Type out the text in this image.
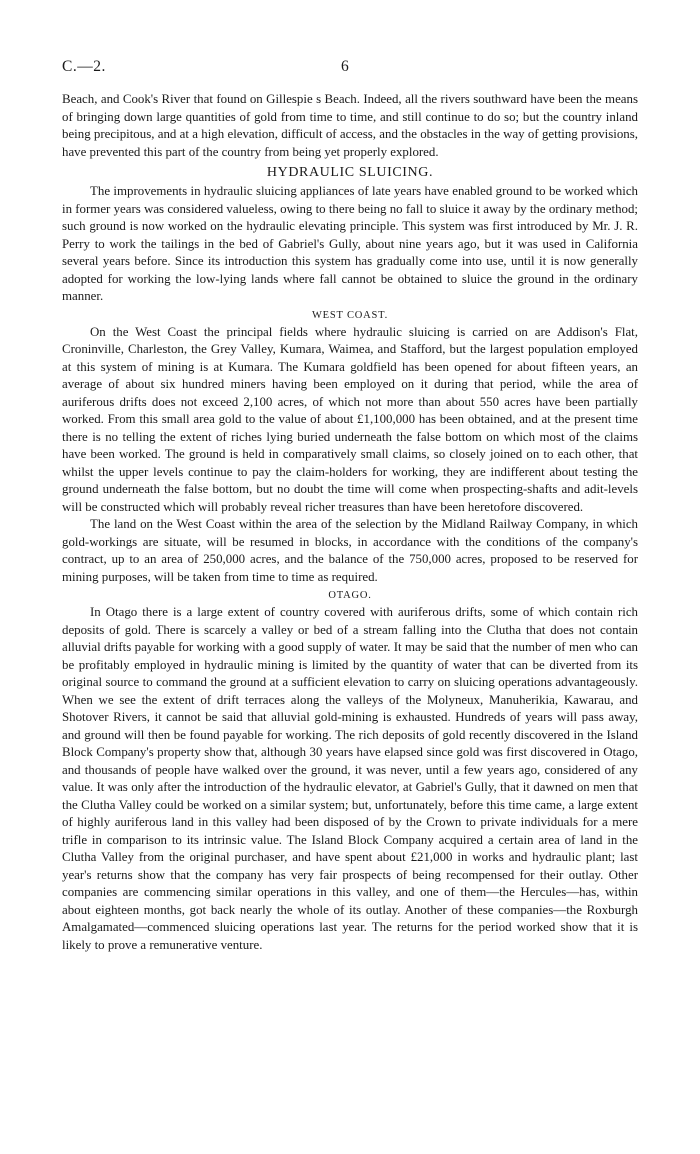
C.—2.	6

Beach, and Cook's River that found on Gillespie s Beach. Indeed, all the rivers southward have been the means of bringing down large quantities of gold from time to time, and still continue to do so; but the country inland being precipitous, and at a high elevation, difficult of access, and the obstacles in the way of getting provisions, have prevented this part of the country from being yet properly explored.

HYDRAULIC SLUICING.

The improvements in hydraulic sluicing appliances of late years have enabled ground to be worked which in former years was considered valueless, owing to there being no fall to sluice it away by the ordinary method; such ground is now worked on the hydraulic elevating principle. This system was first introduced by Mr. J. R. Perry to work the tailings in the bed of Gabriel's Gully, about nine years ago, but it was used in California several years before. Since its introduction this system has gradually come into use, until it is now generally adopted for working the low-lying lands where fall cannot be obtained to sluice the ground in the ordinary manner.

WEST COAST.

On the West Coast the principal fields where hydraulic sluicing is carried on are Addison's Flat, Croninville, Charleston, the Grey Valley, Kumara, Waimea, and Stafford, but the largest population employed at this system of mining is at Kumara. The Kumara goldfield has been opened for about fifteen years, an average of about six hundred miners having been employed on it during that period, while the area of auriferous drifts does not exceed 2,100 acres, of which not more than about 550 acres have been partially worked. From this small area gold to the value of about £1,100,000 has been obtained, and at the present time there is no telling the extent of riches lying buried underneath the false bottom on which most of the claims have been worked. The ground is held in comparatively small claims, so closely joined on to each other, that whilst the upper levels continue to pay the claim-holders for working, they are indifferent about testing the ground underneath the false bottom, but no doubt the time will come when prospecting-shafts and adit-levels will be constructed which will probably reveal richer treasures than have been heretofore discovered.

The land on the West Coast within the area of the selection by the Midland Railway Company, in which gold-workings are situate, will be resumed in blocks, in accordance with the conditions of the company's contract, up to an area of 250,000 acres, and the balance of the 750,000 acres, proposed to be reserved for mining purposes, will be taken from time to time as required.

OTAGO.

In Otago there is a large extent of country covered with auriferous drifts, some of which contain rich deposits of gold. There is scarcely a valley or bed of a stream falling into the Clutha that does not contain alluvial drifts payable for working with a good supply of water. It may be said that the number of men who can be profitably employed in hydraulic mining is limited by the quantity of water that can be diverted from its original source to command the ground at a sufficient elevation to carry on sluicing operations advantageously. When we see the extent of drift terraces along the valleys of the Molyneux, Manuherikia, Kawarau, and Shotover Rivers, it cannot be said that alluvial gold-mining is exhausted. Hundreds of years will pass away, and ground will then be found payable for working. The rich deposits of gold recently discovered in the Island Block Company's property show that, although 30 years have elapsed since gold was first discovered in Otago, and thousands of people have walked over the ground, it was never, until a few years ago, considered of any value. It was only after the introduction of the hydraulic elevator, at Gabriel's Gully, that it dawned on men that the Clutha Valley could be worked on a similar system; but, unfortunately, before this time came, a large extent of highly auriferous land in this valley had been disposed of by the Crown to private individuals for a mere trifle in comparison to its intrinsic value. The Island Block Company acquired a certain area of land in the Clutha Valley from the original purchaser, and have spent about £21,000 in works and hydraulic plant; last year's returns show that the company has very fair prospects of being recompensed for their outlay. Other companies are commencing similar operations in this valley, and one of them—the Hercules—has, within about eighteen months, got back nearly the whole of its outlay. Another of these companies—the Roxburgh Amalgamated—commenced sluicing operations last year. The returns for the period worked show that it is likely to prove a remunerative venture.
